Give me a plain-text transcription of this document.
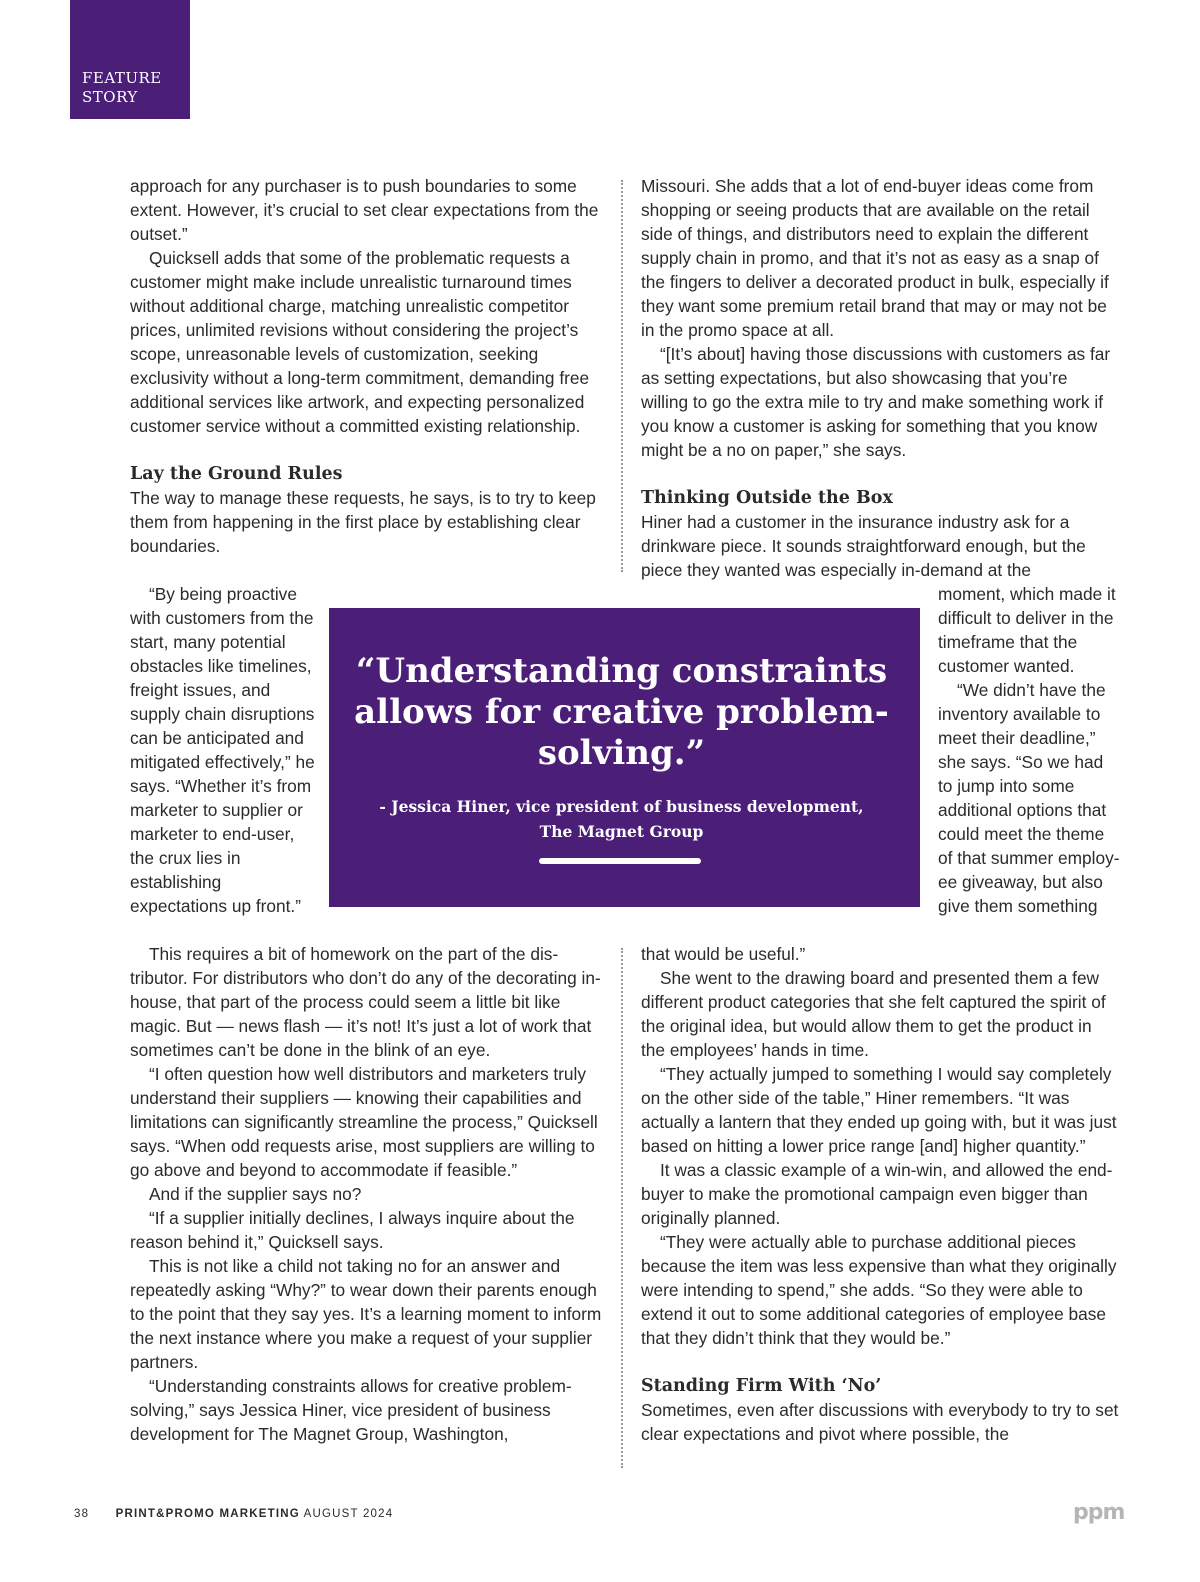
FEATURE
STORY

approach for any purchaser is to push boundaries to some extent. However, it’s crucial to set clear expectations from the outset.”

Quicksell adds that some of the problematic requests a customer might make include unrealistic turnaround times without additional charge, matching unrealistic competitor prices, unlimited revisions without considering the project’s scope, unreasonable levels of customization, seeking exclusivity without a long-term commitment, demanding free additional services like artwork, and expecting personalized customer service without a committed existing relationship.

Lay the Ground Rules

The way to manage these requests, he says, is to try to keep them from happening in the first place by establishing clear boundaries.

“By being proactive with customers from the start, many potential obstacles like timelines, freight issues, and supply chain disruptions can be anticipated and mitigated effectively,” he says. “Whether it’s from marketer to supplier or marketer to end-user, the crux lies in establishing expectations up front.”

This requires a bit of homework on the part of the distributor. For distributors who don’t do any of the decorating in-house, that part of the process could seem a little bit like magic. But — news flash — it’s not! It’s just a lot of work that sometimes can’t be done in the blink of an eye.

“I often question how well distributors and marketers truly understand their suppliers — knowing their capabilities and limitations can significantly streamline the process,” Quicksell says. “When odd requests arise, most suppliers are willing to go above and beyond to accommodate if feasible.”

And if the supplier says no?

“If a supplier initially declines, I always inquire about the reason behind it,” Quicksell says.

This is not like a child not taking no for an answer and repeatedly asking “Why?” to wear down their parents enough to the point that they say yes. It’s a learning moment to inform the next instance where you make a request of your supplier partners.

“Understanding constraints allows for creative problem-solving,” says Jessica Hiner, vice president of business development for The Magnet Group, Washington,

Missouri. She adds that a lot of end-buyer ideas come from shopping or seeing products that are available on the retail side of things, and distributors need to explain the different supply chain in promo, and that it’s not as easy as a snap of the fingers to deliver a decorated product in bulk, especially if they want some premium retail brand that may or may not be in the promo space at all.

“[It’s about] having those discussions with customers as far as setting expectations, but also showcasing that you’re willing to go the extra mile to try and make something work if you know a customer is asking for something that you know might be a no on paper,” she says.

Thinking Outside the Box

Hiner had a customer in the insurance industry ask for a drinkware piece. It sounds straightforward enough, but the piece they wanted was especially in-demand at the

moment, which made it difficult to deliver in the timeframe that the customer wanted.

“We didn’t have the inventory available to meet their deadline,” she says. “So we had to jump into some additional options that could meet the theme of that summer employee giveaway, but also give them something

that would be useful.”

She went to the drawing board and presented them a few different product categories that she felt captured the spirit of the original idea, but would allow them to get the product in the employees’ hands in time.

“They actually jumped to something I would say completely on the other side of the table,” Hiner remembers. “It was actually a lantern that they ended up going with, but it was just based on hitting a lower price range [and] higher quantity.”

It was a classic example of a win-win, and allowed the end-buyer to make the promotional campaign even bigger than originally planned.

“They were actually able to purchase additional pieces because the item was less expensive than what they originally were intending to spend,” she adds. “So they were able to extend it out to some additional categories of employee base that they didn’t think that they would be.”

Standing Firm With ‘No’

Sometimes, even after discussions with everybody to try to set clear expectations and pivot where possible, the

“Understanding constraints allows for creative problem-solving.”

- Jessica Hiner, vice president of business development,
The Magnet Group

38 PRINT&PROMO MARKETING AUGUST 2024	ppm
